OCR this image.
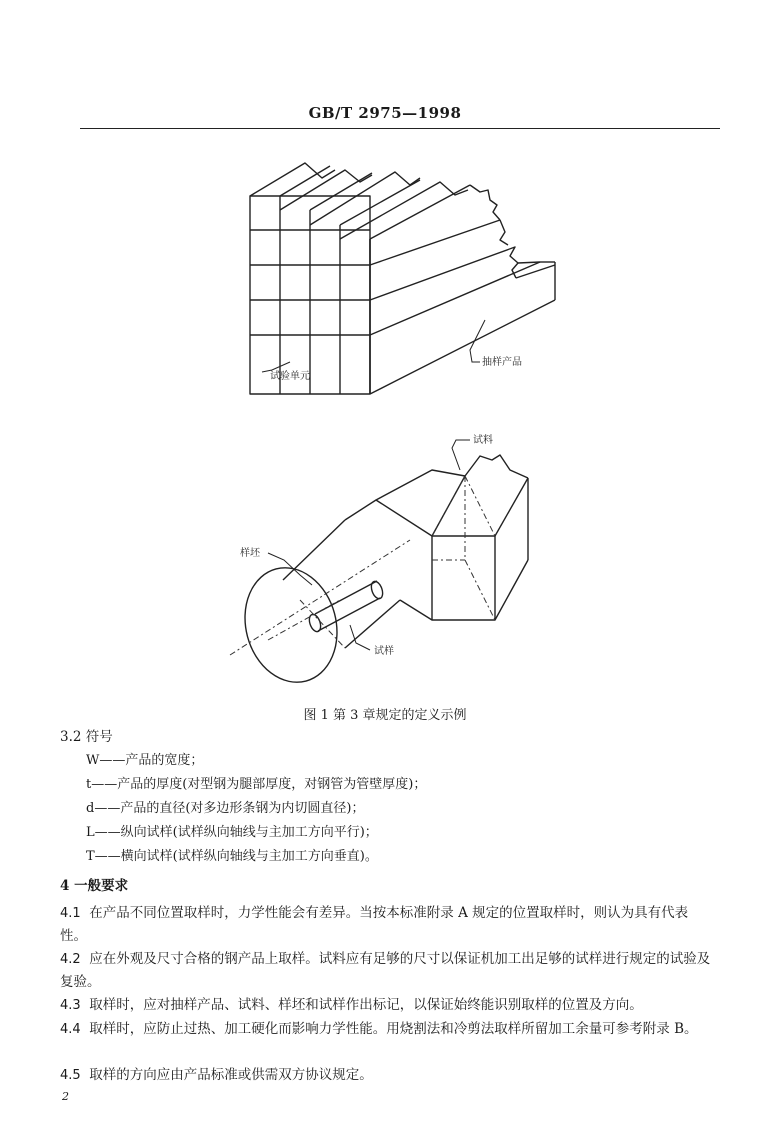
GB/T 2975—1998
试验单元
抽样产品
试料
样坯
试样
图 1 第 3 章规定的定义示例
3.2 符号
W——产品的宽度；
t——产品的厚度(对型钢为腿部厚度，对钢管为管壁厚度)；
d——产品的直径(对多边形条钢为内切圆直径)；
L——纵向试样(试样纵向轴线与主加工方向平行)；
T——横向试样(试样纵向轴线与主加工方向垂直)。
4 一般要求
4.1 在产品不同位置取样时，力学性能会有差异。当按本标准附录 A 规定的位置取样时，则认为具有代表性。
4.2 应在外观及尺寸合格的钢产品上取样。试料应有足够的尺寸以保证机加工出足够的试样进行规定的试验及复验。
4.3 取样时，应对抽样产品、试料、样坯和试样作出标记，以保证始终能识别取样的位置及方向。
4.4 取样时，应防止过热、加工硬化而影响力学性能。用烧割法和冷剪法取样所留加工余量可参考附录 B。
4.5 取样的方向应由产品标准或供需双方协议规定。
2
